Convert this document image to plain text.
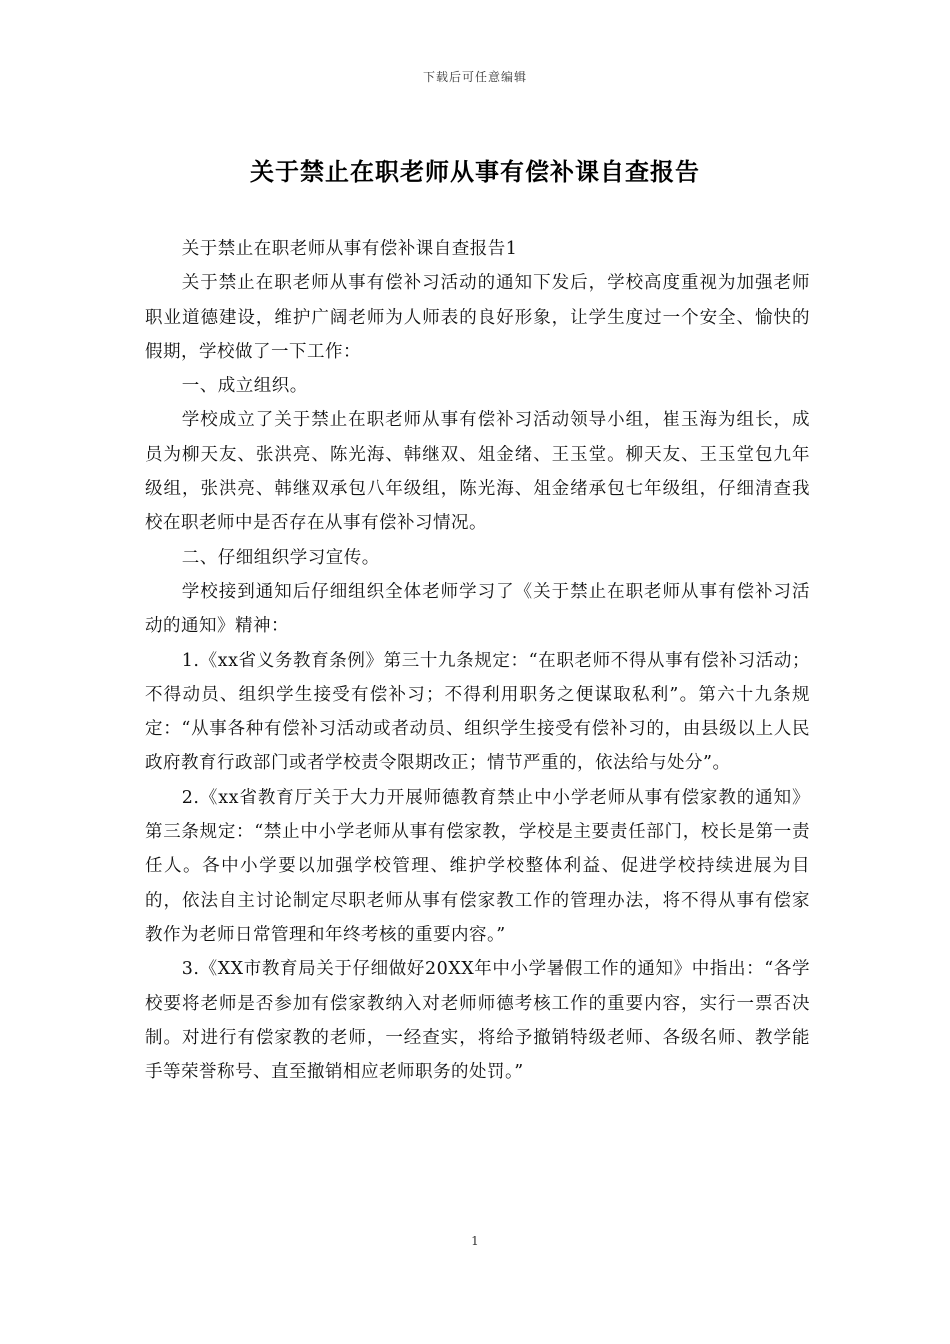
下载后可任意编辑
关于禁止在职老师从事有偿补课自查报告

关于禁止在职老师从事有偿补课自查报告1

关于禁止在职老师从事有偿补习活动的通知下发后，学校高度重视为加强老师职业道德建设，维护广阔老师为人师表的良好形象，让学生度过一个安全、愉快的假期，学校做了一下工作：

一、成立组织。

学校成立了关于禁止在职老师从事有偿补习活动领导小组，崔玉海为组长，成员为柳天友、张洪亮、陈光海、韩继双、俎金绪、王玉堂。柳天友、王玉堂包九年级组，张洪亮、韩继双承包八年级组，陈光海、俎金绪承包七年级组，仔细清查我校在职老师中是否存在从事有偿补习情况。

二、仔细组织学习宣传。

学校接到通知后仔细组织全体老师学习了《关于禁止在职老师从事有偿补习活动的通知》精神：

1.《xx省义务教育条例》第三十九条规定：“在职老师不得从事有偿补习活动；不得动员、组织学生接受有偿补习；不得利用职务之便谋取私利”。第六十九条规定：“从事各种有偿补习活动或者动员、组织学生接受有偿补习的，由县级以上人民政府教育行政部门或者学校责令限期改正；情节严重的，依法给与处分”。

2.《xx省教育厅关于大力开展师德教育禁止中小学老师从事有偿家教的通知》第三条规定：“禁止中小学老师从事有偿家教，学校是主要责任部门，校长是第一责任人。各中小学要以加强学校管理、维护学校整体利益、促进学校持续进展为目的，依法自主讨论制定尽职老师从事有偿家教工作的管理办法，将不得从事有偿家教作为老师日常管理和年终考核的重要内容。”

3.《XX市教育局关于仔细做好20XX年中小学暑假工作的通知》中指出：“各学校要将老师是否参加有偿家教纳入对老师师德考核工作的重要内容，实行一票否决制。对进行有偿家教的老师，一经查实，将给予撤销特级老师、各级名师、教学能手等荣誉称号、直至撤销相应老师职务的处罚。”

1
